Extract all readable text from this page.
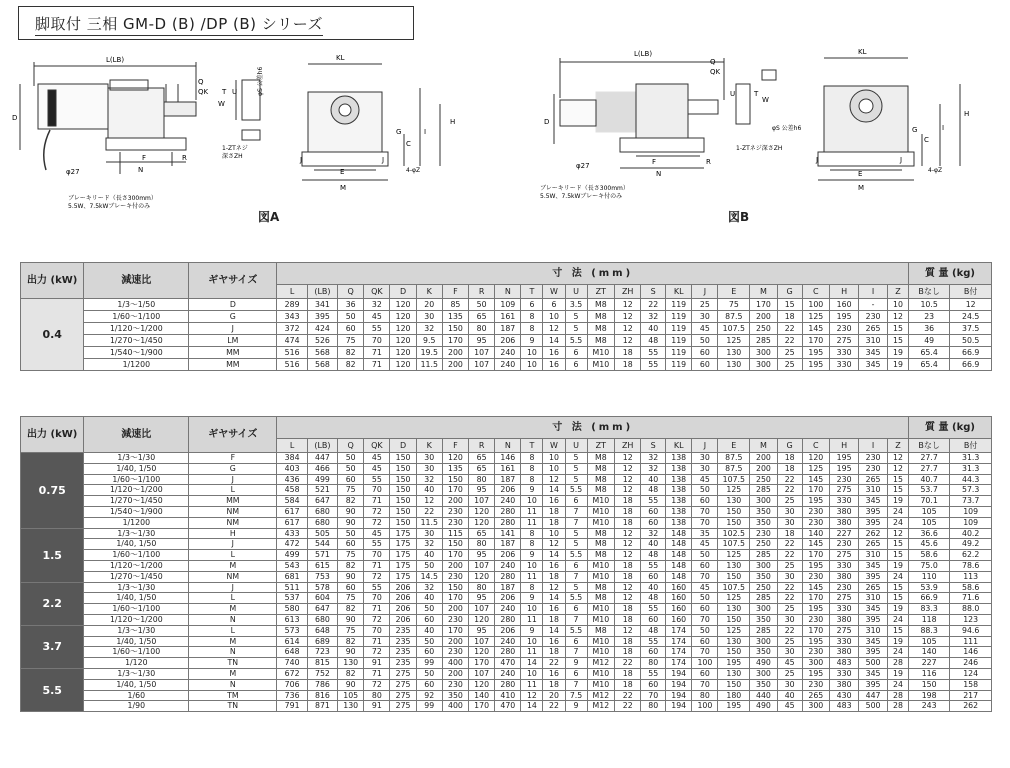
脚取付 三相 GM-D (B) /DP (B) シリーズ
L(LB)
QK
Q
D
T
W
U	φS 公差h6
1-ZTネジ
深さZH
F
N
R
φ27
KL
H
I
C
G
J	J
E
M
4-φZ
ブレーキリード（長さ300mm）
5.5W、7.5kWブレーキ付のみ
図A
L(LB)
QK
Q
D
W
T
U
φS 公差h6
1-ZTネジ深さZH
F
N
R
φ27
KL
H
I
C
G
J	J
E
M
4-φZ
ブレーキリード（長さ300mm）
5.5W、7.5kWブレーキ付のみ
図B
出力 (kW)	減速比	ギヤサイズ	寸 法 (mm)																								質 量 (kg)	
			L	(LB)	Q	QK	D	K	F	R	N	T	W	U	ZT	ZH	S	KL	J	E	M	G	C	H	I	Z	Bなし	B付
0.4	1/3～1/50	D	289	341	36	32	120	20	85	50	109	6	6	3.5	M8	12	22	119	25	75	170	15	100	160	-	10	10.5	12
	1/60～1/100	G	343	395	50	45	120	30	135	65	161	8	10	5	M8	12	32	119	30	87.5	200	18	125	195	230	12	23	24.5
	1/120～1/200	J	372	424	60	55	120	32	150	80	187	8	12	5	M8	12	40	119	45	107.5	250	22	145	230	265	15	36	37.5
	1/270～1/450	LM	474	526	75	70	120	9.5	170	95	206	9	14	5.5	M8	12	48	119	50	125	285	22	170	275	310	15	49	50.5
	1/540～1/900	MM	516	568	82	71	120	19.5	200	107	240	10	16	6	M10	18	55	119	60	130	300	25	195	330	345	19	65.4	66.9
	1/1200	MM	516	568	82	71	120	11.5	200	107	240	10	16	6	M10	18	55	119	60	130	300	25	195	330	345	19	65.4	66.9
出力 (kW)	減速比	ギヤサイズ	寸 法 (mm)																								質 量 (kg)	
			L	(LB)	Q	QK	D	K	F	R	N	T	W	U	ZT	ZH	S	KL	J	E	M	G	C	H	I	Z	Bなし	B付
0.75	1/3～1/30	F	384	447	50	45	150	30	120	65	146	8	10	5	M8	12	32	138	30	87.5	200	18	120	195	230	12	27.7	31.3
	1/40, 1/50	G	403	466	50	45	150	30	135	65	161	8	10	5	M8	12	32	138	30	87.5	200	18	125	195	230	12	27.7	31.3
	1/60～1/100	J	436	499	60	55	150	32	150	80	187	8	12	5	M8	12	40	138	45	107.5	250	22	145	230	265	15	40.7	44.3
	1/120～1/200	L	458	521	75	70	150	40	170	95	206	9	14	5.5	M8	12	48	138	50	125	285	22	170	275	310	15	53.7	57.3
	1/270～1/450	MM	584	647	82	71	150	12	200	107	240	10	16	6	M10	18	55	138	60	130	300	25	195	330	345	19	70.1	73.7
	1/540～1/900	NM	617	680	90	72	150	22	230	120	280	11	18	7	M10	18	60	138	70	150	350	30	230	380	395	24	105	109
	1/1200	NM	617	680	90	72	150	11.5	230	120	280	11	18	7	M10	18	60	138	70	150	350	30	230	380	395	24	105	109
1.5	1/3～1/30	H	433	505	50	45	175	30	115	65	141	8	10	5	M8	12	32	148	35	102.5	230	18	140	227	262	12	36.6	40.2
	1/40, 1/50	J	472	544	60	55	175	32	150	80	187	8	12	5	M8	12	40	148	45	107.5	250	22	145	230	265	15	45.6	49.2
	1/60～1/100	L	499	571	75	70	175	40	170	95	206	9	14	5.5	M8	12	48	148	50	125	285	22	170	275	310	15	58.6	62.2
	1/120～1/200	M	543	615	82	71	175	50	200	107	240	10	16	6	M10	18	55	148	60	130	300	25	195	330	345	19	75.0	78.6
	1/270～1/450	NM	681	753	90	72	175	14.5	230	120	280	11	18	7	M10	18	60	148	70	150	350	30	230	380	395	24	110	113
2.2	1/3～1/30	J	511	578	60	55	206	32	150	80	187	8	12	5	M8	12	40	160	45	107.5	250	22	145	230	265	15	53.9	58.6
	1/40, 1/50	L	537	604	75	70	206	40	170	95	206	9	14	5.5	M8	12	48	160	50	125	285	22	170	275	310	15	66.9	71.6
	1/60～1/100	M	580	647	82	71	206	50	200	107	240	10	16	6	M10	18	55	160	60	130	300	25	195	330	345	19	83.3	88.0
	1/120～1/200	N	613	680	90	72	206	60	230	120	280	11	18	7	M10	18	60	160	70	150	350	30	230	380	395	24	118	123
3.7	1/3～1/30	L	573	648	75	70	235	40	170	95	206	9	14	5.5	M8	12	48	174	50	125	285	22	170	275	310	15	88.3	94.6
	1/40, 1/50	M	614	689	82	71	235	50	200	107	240	10	16	6	M10	18	55	174	60	130	300	25	195	330	345	19	105	111
	1/60～1/100	N	648	723	90	72	235	60	230	120	280	11	18	7	M10	18	60	174	70	150	350	30	230	380	395	24	140	146
	1/120	TN	740	815	130	91	235	99	400	170	470	14	22	9	M12	22	80	174	100	195	490	45	300	483	500	28	227	246
5.5	1/3～1/30	M	672	752	82	71	275	50	200	107	240	10	16	6	M10	18	55	194	60	130	300	25	195	330	345	19	116	124
	1/40, 1/50	N	706	786	90	72	275	60	230	120	280	11	18	7	M10	18	60	194	70	150	350	30	230	380	395	24	150	158
	1/60	TM	736	816	105	80	275	92	350	140	410	12	20	7.5	M12	22	70	194	80	180	440	40	265	430	447	28	198	217
	1/90	TN	791	871	130	91	275	99	400	170	470	14	22	9	M12	22	80	194	100	195	490	45	300	483	500	28	243	262
